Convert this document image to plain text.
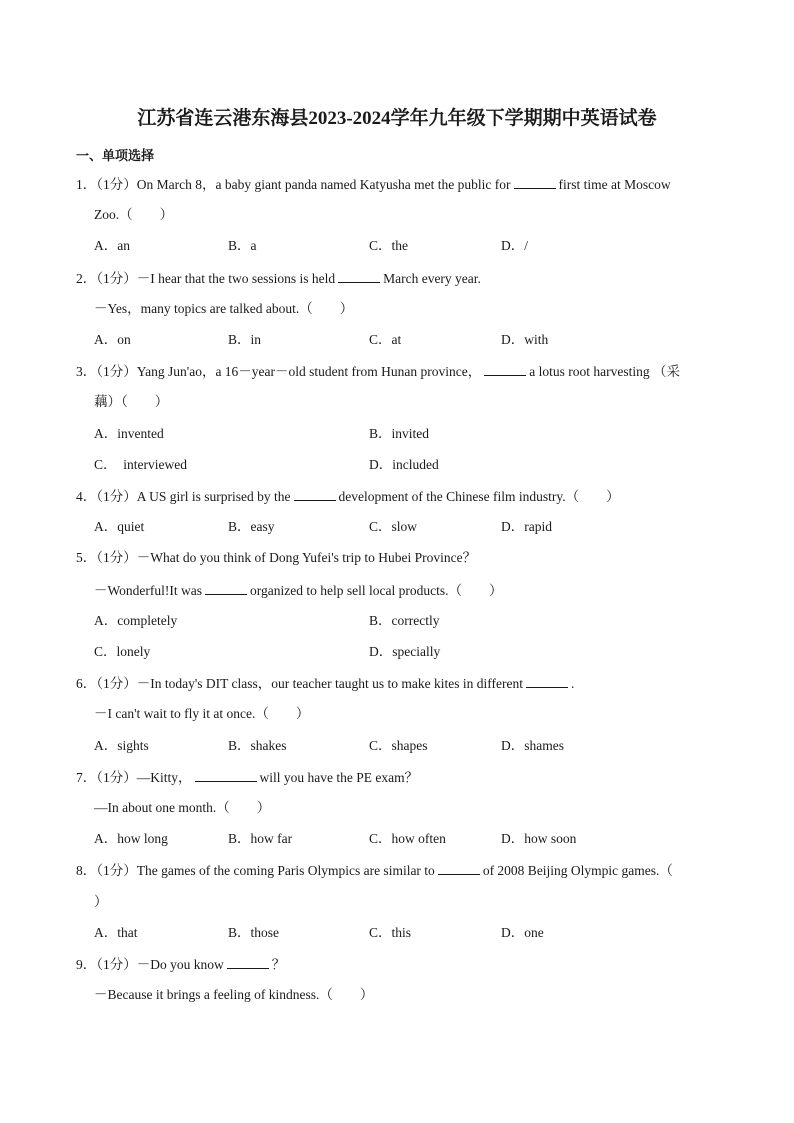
江苏省连云港东海县2023-2024学年九年级下学期期中英语试卷
一、单项选择
1．（1分）On March 8，a baby giant panda named Katyusha met the public for	first time at Moscow
Zoo.（　　）
A．an	B．a	C．the	D．/
2．（1分）－I hear that the two sessions is held	March every year.
－Yes，many topics are talked about.（　　）
A．on	B．in	C．at	D．with
3．（1分）Yang Jun'ao，a 16－year－old student from Hunan province，	a lotus root harvesting （采
藕）（　　）
A．invented	B．invited
C．　interviewed	D．included
4．（1分）A US girl is surprised by the	development of the Chinese film industry.（　　）
A．quiet	B．easy	C．slow	D．rapid
5．（1分）－What do you think of Dong Yufei's trip to Hubei Province？
－Wonderful!It was	organized to help sell local products.（　　）
A．completely	B．correctly
C．lonely	D．specially
6．（1分）－In today's DIT class，our teacher taught us to make kites in different	.
－I can't wait to fly it at once.（　　）
A．sights	B．shakes	C．shapes	D．shames
7．（1分）—Kitty，	will you have the PE exam？
—In about one month.（　　）
A．how long	B．how far	C．how often	D．how soon
8．（1分）The games of the coming Paris Olympics are similar to	of 2008 Beijing Olympic games.（
）
A．that	B．those	C．this	D．one
9．（1分）－Do you know	？
－Because it brings a feeling of kindness.（　　）
